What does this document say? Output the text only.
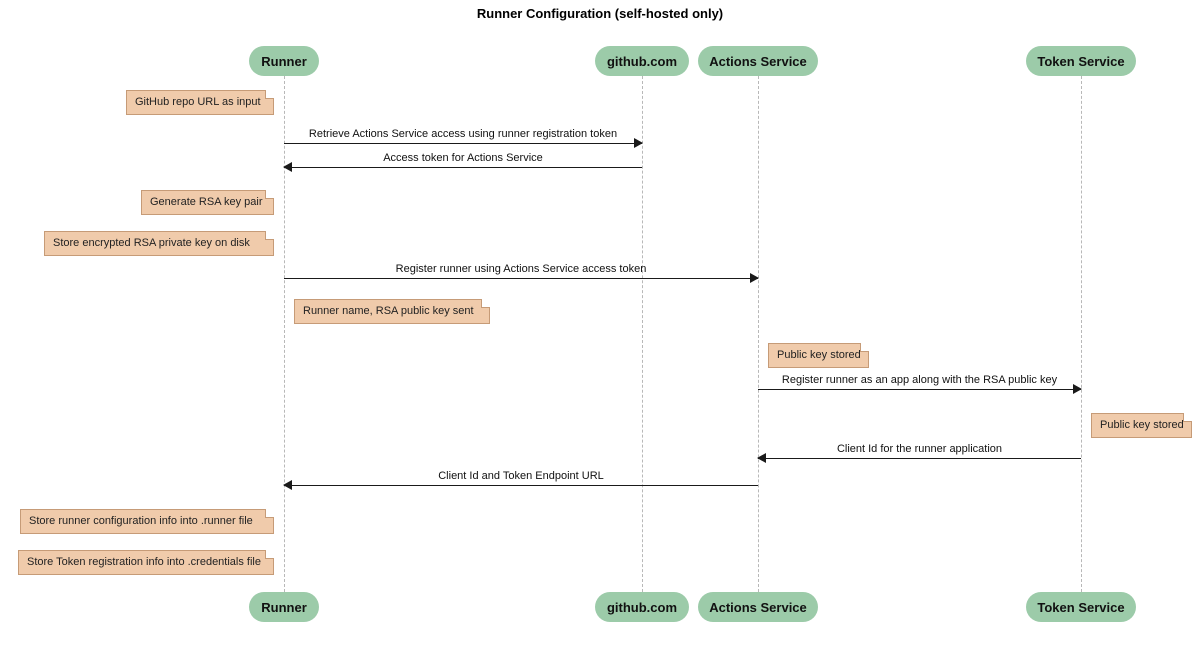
Runner Configuration (self-hosted only)
Runner	github.com Actions Service	Token Service
Runner	github.com Actions Service	Token Service
GitHub repo URL as input
Generate RSA key pair
Store encrypted RSA private key on disk
Runner name, RSA public key sent
Public key stored
Public key stored
Store runner configuration info into .runner file
Store Token registration info into .credentials file
Retrieve Actions Service access using runner registration token
Access token for Actions Service
Register runner using Actions Service access token
Register runner as an app along with the RSA public key
Client Id for the runner application
Client Id and Token Endpoint URL
